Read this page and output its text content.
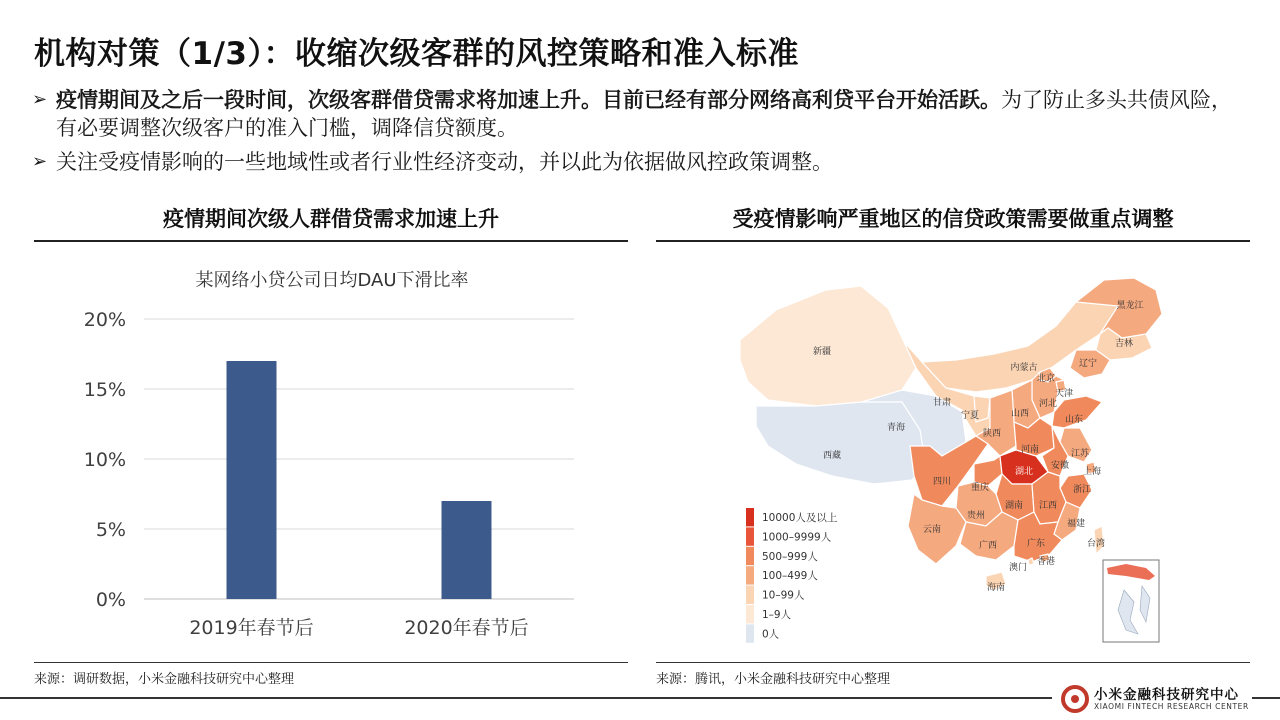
机构对策（1/3）：收缩次级客群的风控策略和准入标准
➢ 疫情期间及之后一段时间，次级客群借贷需求将加速上升。目前已经有部分网络高利贷平台开始活跃。为了防止多头共债风险，有必要调整次级客户的准入门槛，调降信贷额度。
➢ 关注受疫情影响的一些地域性或者行业性经济变动，并以此为依据做风控政策调整。
疫情期间次级人群借贷需求加速上升
某网络小贷公司日均DAU下滑比率
0%
5%
10%
15%
20%
2019年春节后	2020年春节后
来源：调研数据，小米金融科技研究中心整理
受疫情影响严重地区的信贷政策需要做重点调整
新疆
西藏
青海
甘肃
内蒙古
黑龙江
吉林
辽宁
北京
天津
河北
山西
宁夏
陕西
山东
河南	江苏
安徽
上海
四川
重庆
湖北
浙江
湖南 江西
贵州
云南
福建
广西	广东	台湾
香港
澳门
海南
10000人及以上
1000–9999人
500–999人
100–499人
10–99人
1–9人
0人
来源：腾讯，小米金融科技研究中心整理
小米金融科技研究中心
XIAOMI FINTECH RESEARCH CENTER
